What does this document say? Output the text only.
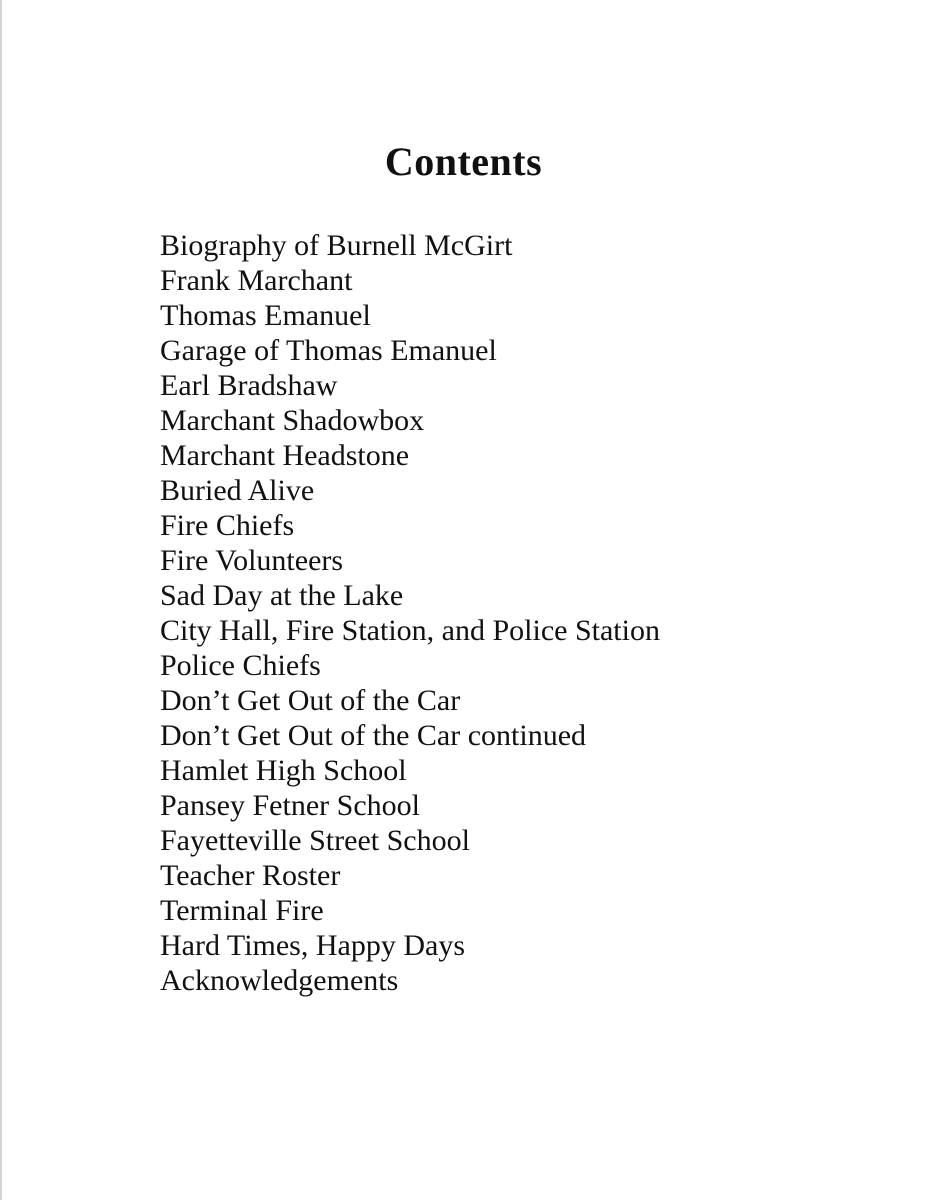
Contents
Biography of Burnell McGirt
Frank Marchant
Thomas Emanuel
Garage of Thomas Emanuel
Earl Bradshaw
Marchant Shadowbox
Marchant Headstone
Buried Alive
Fire Chiefs
Fire Volunteers
Sad Day at the Lake
City Hall, Fire Station, and Police Station
Police Chiefs
Don’t Get Out of the Car
Don’t Get Out of the Car continued
Hamlet High School
Pansey Fetner School
Fayetteville Street School
Teacher Roster
Terminal Fire
Hard Times, Happy Days
Acknowledgements
